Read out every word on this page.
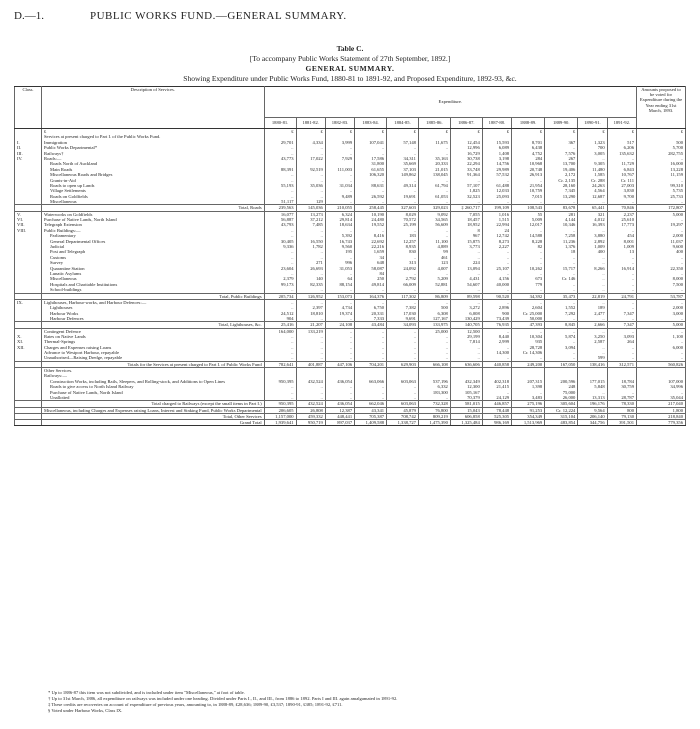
D.—1.	PUBLIC WORKS FUND.—GENERAL SUMMARY.
Table C.
[To accompany Public Works Statement of 27th September, 1892.]
GENERAL SUMMARY.
Showing Expenditure under Public Works Fund, 1880-81 to 1891-92, and Proposed Expenditure, 1892-93, &c.
Class.	Description of Services.	Expenditure.												Amounts proposed to be voted for Expenditure during the Year ending 31st March, 1893.
		1880-81.	1881-82.	1882-83.	1883-84.	1884-85.	1885-86.	1886-87.	1887-88.	1888-89.	1889-90.	1890-91.	1891-92.	
	£	£	£	£	£	£	£	£	£	£	£	£	£	£
	Services at present charged to Part I. of the Public Works Fund.													
I.	Immigration	29,701	4,334	3,999	107,041	57,148	11,675	12,454	15,593	8,701	367	1,323	517	500
II.	Public Works Departmental*	..	..	..	..	..	..	12,996	6,089	6,438	..	700	6,206	5,700
III.	Railways†	..	..	..	..	..	..	16,729	1,408	4,752	7,576	3,005	135,632	282,755
IV.	Roads:—	43,773	17,022	7,929	17,586	34,311	35,163	30,738	3,198	284	267	..	..	..
	Roads North of Auckland				31,800	35,669	20,333	22,294	14,756	10,968	13,700	9,305	11,729	16,000
	Main Roads	88,391	92,519	111,003	61,655	37,103	21,015	33,748	29,989	20,748	19,406	11,480	6,843	13,228
	Miscellaneous Roads and Bridges	..	..	..	106,320	149,862	138,045	91,364	57,532	26,913	2,172	1,585	10,767	11,159
	Grants-in-Aid	..	..	..	..	..	..	..	..	..	Cr. 2,135	Cr. 288	Cr. 111	..
	Roads to open up Lands	55,193	35,036	31,034	88,631	49,314	61,794	57,107	61,488	21,954	28,160	24,263	27,003	99,310
	Village Settlements	..	..	..	..	..	..	1,825	12,033	10,759	7,345	4,564	3,830	5,735
	Roads on Goldfields	..	..	9,489	26,592	19,691	61,053	32,523	25,093	7,015	13,290	12,687	9,700	25,733
	Miscellaneous	51,117	129	..	..	..	..	..	..	..	..	..	..	..
	Total, Roads	239,563	145,036	210,055	258,445	327,603	329,023	‡ 260,717	199,109	108,543	83,678	65,441	70,846	172,807
V.	Waterworks on Goldfields	16,077	13,273	6,324	10,190	8,029	9,092	7,055	1,016	55	281	321	2,237	5,000
VI.	Purchase of Native Lands, North Island	56,887	37,212	29,814	24,480	70,572	34,565	18,457	1,515	5,009	4,144	4,012	25,610	..
VII.	Telegraph Extension	43,793	7,485	18,634	19,552	25,199	56,609	18,952	22,994	12,017	10,346	16,393	17,773	19,297
VIII.	Public Buildings:—	..	..	..	..	..	..	8	24	..	..	..	..	..
	Parliamentary	..	..	5,392	8,416	183	..	967	12,742	14,588	7,258	3,880	454	2,000
	General Departmental Offices	30,405	16,550	16,743	22,692	12,257	11,100	15,875	8,273	8,228	11,236	2,892	8,001	11,037
	Judicial	9,336	1,782	9,560	22,216	8,935	4,889	3,773	2,227	82	1,376	1,009	1,009	9,600
	Post and Telegraph	..	..	195	1,659	830	99	..	..	..	18	400	13	400
	Customs	..	..	..	34	..	461	..	..	..	..	..	..	..
	Survey	..	271	996	648	313	123	224	..	..	..	..	..	..
	Quarantine Station	23,604	26,693	31,053	58,087	24,092	4,007	13,094	25,107	10,262	15,717	8,266	16,914	22,350
	Lunatic Asylums	..	..	..	84	..	..	..	..	..	..	..	..	..
	Miscellaneous	2,379	140	64	250	2,792	5,209	4,431	4,156	673	Cr. 146	..	..	8,000
	Hospitals and Charitable Institutions	99,173	82,335	88,154	49,814	66,009	52,881	54,607	40,000	779	..	..	..	7,500
	School-buildings	..	..	..	..	..	..	..	..	..	..	..	..	..
	Total, Public Buildings	205,734	126,952	153,073	164,376	117,302	86,809	89,598	90,520	34,392	35,473	22,819	24,791	53,787
IX.	Lighthouses, Harbour-works, and Harbour Defences:—	..	..	..	..	..	..	..	..	..	..	..	..	..
	Lighthouses	..	2,397	4,734	6,750	7,382	500	3,272	2,896	2,604	1,552	189	..	2,000
	Harbour Works	24,512	18,810	19,374	20,331	17,030	6,308	6,008	900	Cr. 25,000	7,292	2,477	7,347	3,000
	Harbour Defences	904	..	..	7,333	9,691	127,167	130,429	73,439	50,000	..	..	..	..
	Total, Lighthouses, &c.	25,416	21,207	24,108	43,484	34,093	133,975	140,705	76,935	47,393	8,845	2,666	7,347	5,000
	Contingent Defence	164,000	133,219	..	..	..	25,000	12,500	..	..	..	..	..	..
X.	Rates on Native Lands	..	..	..	..	..	..	29,199	8,440	10,304	5,874	3,250	3,093	1,100
XI.	Thermal-Springs	..	..	..	..	..	..	7,814	2,999	935	..	2,587	264	..
XII.	Charges and Expenses raising Loans	..	..	..	..	..	..	..	..	28,728	3,094	..	..	6,000
	Advance to Westport Harbour, repayable	..	..	..	..	..	..	..	14,300	Cr. 14,306	..	..	..	..
	Unauthorised—Raising Dredge, repayable	..	..	..	..	..	..	..	..	..	..	599	..	..
	Totals for the Services at present charged to Part I. of Public Works Fund	782,641	401,887	447,106	704,201	629,903	666,108	636,606	440,858	249,200	167,050	138,416	312,571	560,826
	Other Services.													
	Railways:—													
	Construction Works, including Rails, Sleepers, and Rolling-stock, and Additions to Open Lines	950,395	432,524	436,054	663,066	603,063	537,196	432,349	402,318	207,315	200,596	177,015	18,784	107,000
	Roads to give access to North Island Railway	..	..	..	..	..	6,332	12,300	21,415	1,398	248	5,848	30,759	34,996
	Purchase of Native Lands, North Island	..	..	..	..	..	183,300	105,167	..	..	75,000	..	..	..
	Unallotted	..	..	..	..	..	..	70,379	24,129	3,483	26,000	13,313	28,787	35,044
	Total charged to Railways (except the small items in Part I.)	950,395	432,524	436,054	662,046	603,063	732,328	581,015	446,857	275,196	305,604	196,176	78,330	217,040
	Miscellaneous, including Charges and Expenses raising Loans, Interest and Sinking Fund, Public Works Departmental	206,605	26,808	12,387	43,341	45,879	76,800	15,043	78,448	91,253	Cr. 12,224	9,564	800	1,800
	Total, Other Services	1,157,000	459,332	448,441	705,387	708,742	809,219	606,858	525,305	354,349	315,104	206,140	79,130	218,840
	Grand Total	1,939,641	950,719	897,037	1,409,588	1,338,727	1,475,390	1,325,484	986,169	1,513,969	483,854	344,756	391,501	779,356
* Up to 1886-87 this item was not subdivided, and is included under item "Miscellaneous," at foot of table.
† Up to 31st March, 1886, all expenditure on railways was included under one heading. Divided under Parts I., II., and III., from 1886 to 1892. Parts I and III. again amalgamated in 1891-92.
‡ These credits are recoveries on account of expenditure of previous years, amounting to, in 1888-89, £28,636; 1889-90, £3,537; 1890-91, £385; 1891-92, £711.
§ Voted under Harbour Works, Class IX.
